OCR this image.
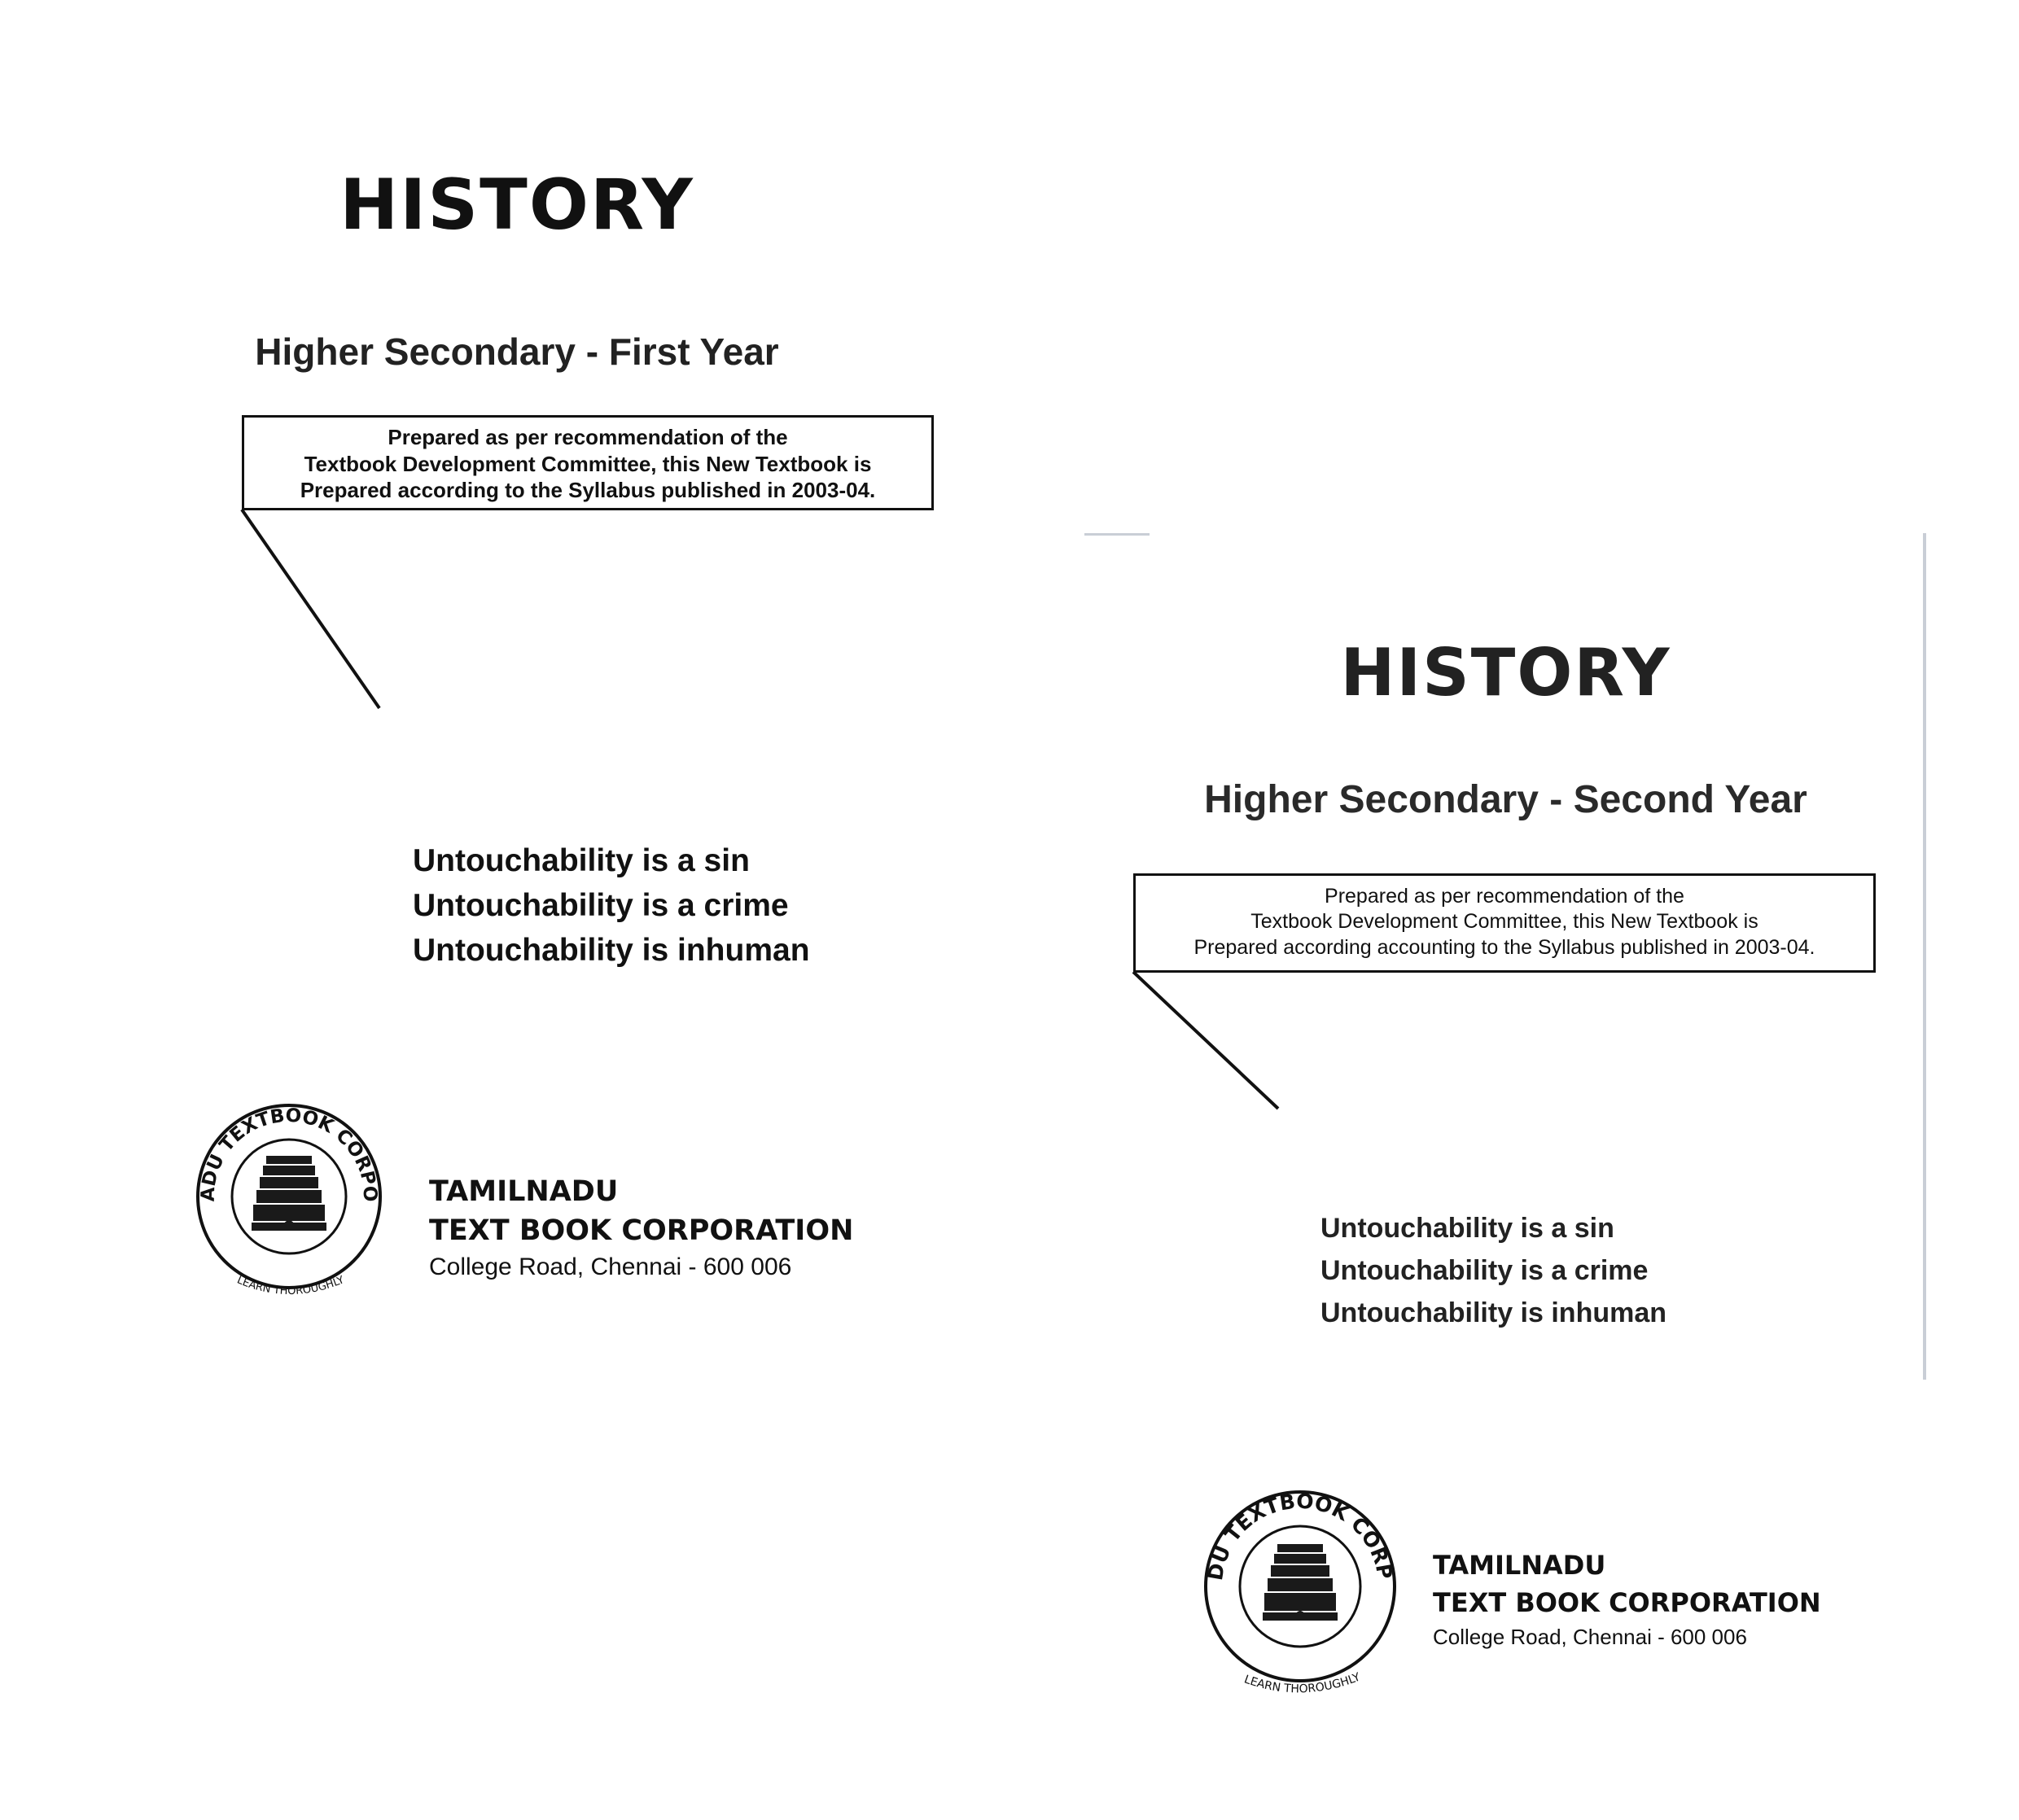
HISTORY
Higher Secondary - First Year
Prepared as per recommendation of the
Textbook Development Committee, this New Textbook is
Prepared according to the Syllabus published in 2003-04.
Untouchability is a sin
Untouchability is a crime
Untouchability is inhuman
TAMILNADU TEXTBOOK CORPORATION
LEARN THOROUGHLY
TAMILNADU
TEXT BOOK CORPORATION
College Road, Chennai - 600 006
HISTORY
Higher Secondary - Second Year
Prepared as per recommendation of the
Textbook Development Committee, this New Textbook is
Prepared according accounting to the Syllabus published in 2003-04.
Untouchability is a sin
Untouchability is a crime
Untouchability is inhuman
TAMILNADU TEXTBOOK CORPORATION
LEARN THOROUGHLY
TAMILNADU
TEXT BOOK CORPORATION
College Road, Chennai - 600 006
